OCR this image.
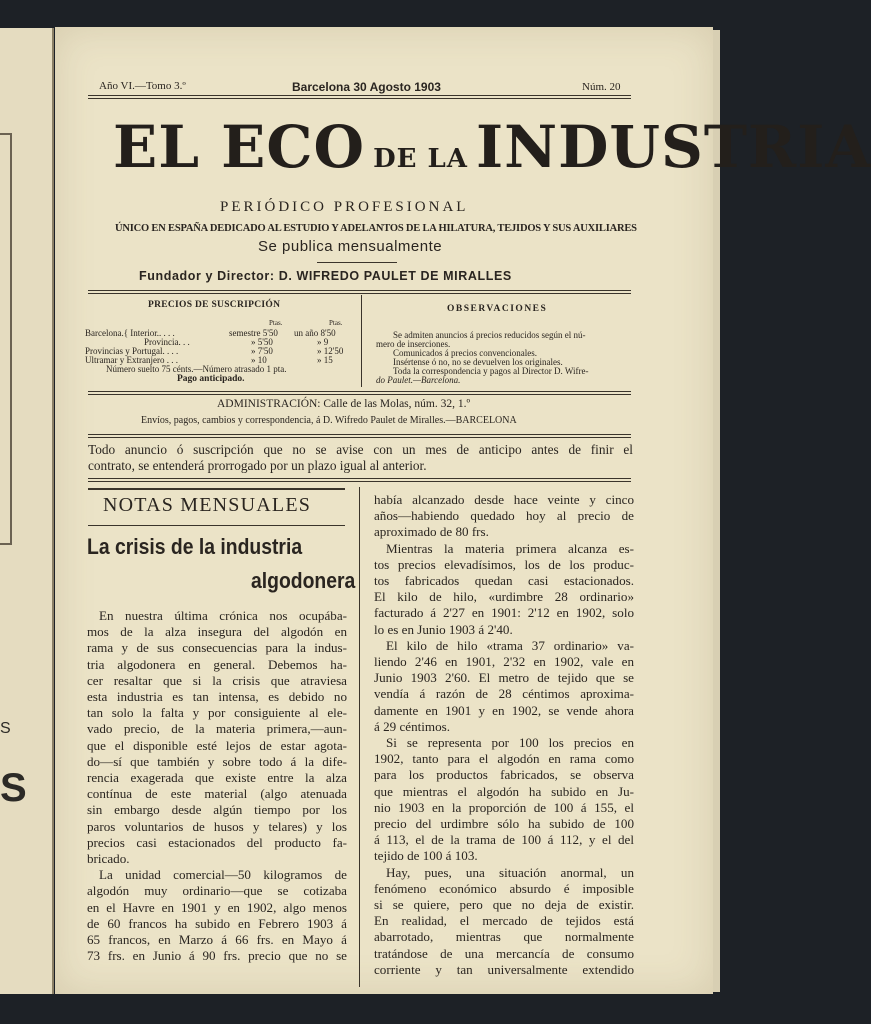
S
S
Año VI.—Tomo 3.º	Barcelona 30 Agosto 1903	Núm. 20
EL ECO DE LA INDUSTRIA
PERIÓDICO PROFESIONAL
ÚNICO EN ESPAÑA DEDICADO AL ESTUDIO Y ADELANTOS DE LA HILATURA, TEJIDOS Y SUS AUXILIARES
Se publica mensualmente
Fundador y Director: D. WIFREDO PAULET DE MIRALLES
PRECIOS DE SUSCRIPCIÓN
Ptas.	Ptas.
Barcelona.{ Interior.. . . .	semestre 5'50 un año 8'50
Provincia. . .	» 5'50	» 9
Provincias y Portugal. . . .	» 7'50	» 12'50
Ultramar y Extranjero . . .	» 10	» 15
Número suelto 75 cénts.—Número atrasado 1 pta.
Pago anticipado.
OBSERVACIONES
Se admiten anuncios á precios reducidos según el nú-
mero de inserciones.
Comunicados á precios convencionales.
Insértense ó no, no se devuelven los originales.
Toda la correspondencia y pagos al Director D. Wifre-
do Paulet.—Barcelona.
ADMINISTRACIÓN: Calle de las Molas, núm. 32, 1.º
Envíos, pagos, cambios y correspondencia, á D. Wifredo Paulet de Miralles.—BARCELONA
Todo anuncio ó suscripción que no se avise con un mes de anticipo antes de finir el
contrato, se entenderá prorrogado por un plazo igual al anterior.
NOTAS MENSUALES
La crisis de la industria
algodonera

En nuestra última crónica nos ocupába-
mos de la alza insegura del algodón en
rama y de sus consecuencias para la indus-
tria algodonera en general. Debemos ha-
cer resaltar que si la crisis que atraviesa
esta industria es tan intensa, es debido no
tan solo la falta y por consiguiente al ele-
vado precio, de la materia primera,—aun-
que el disponible esté lejos de estar agota-
do—sí que también y sobre todo á la dife-
rencia exagerada que existe entre la alza
contínua de este material (algo atenuada
sin embargo desde algún tiempo por los
paros voluntarios de husos y telares) y los
precios casi estacionados del producto fa-
bricado.

La unidad comercial—50 kilogramos de
algodón muy ordinario—que se cotizaba
en el Havre en 1901 y en 1902, algo menos
de 60 francos ha subido en Febrero 1903 á
65 francos, en Marzo á 66 frs. en Mayo á
73 frs. en Junio á 90 frs. precio que no se

había alcanzado desde hace veinte y cinco
años—habiendo quedado hoy al precio de
aproximado de 80 frs.

Mientras la materia primera alcanza es-
tos precios elevadísimos, los de los produc-
tos fabricados quedan casi estacionados.
El kilo de hilo, «urdimbre 28 ordinario»
facturado á 2'27 en 1901: 2'12 en 1902, solo
lo es en Junio 1903 á 2'40.

El kilo de hilo «trama 37 ordinario» va-
liendo 2'46 en 1901, 2'32 en 1902, vale en
Junio 1903 2'60. El metro de tejido que se
vendía á razón de 28 céntimos aproxima-
damente en 1901 y en 1902, se vende ahora
á 29 céntimos.

Si se representa por 100 los precios en
1902, tanto para el algodón en rama como
para los productos fabricados, se observa
que mientras el algodón ha subido en Ju-
nio 1903 en la proporción de 100 á 155, el
precio del urdimbre sólo ha subido de 100
á 113, el de la trama de 100 á 112, y el del
tejido de 100 á 103.

Hay, pues, una situación anormal, un
fenómeno económico absurdo é imposible
si se quiere, pero que no deja de existir.
En realidad, el mercado de tejidos está
abarrotado, mientras que normalmente
tratándose de una mercancía de consumo
corriente y tan universalmente extendido
